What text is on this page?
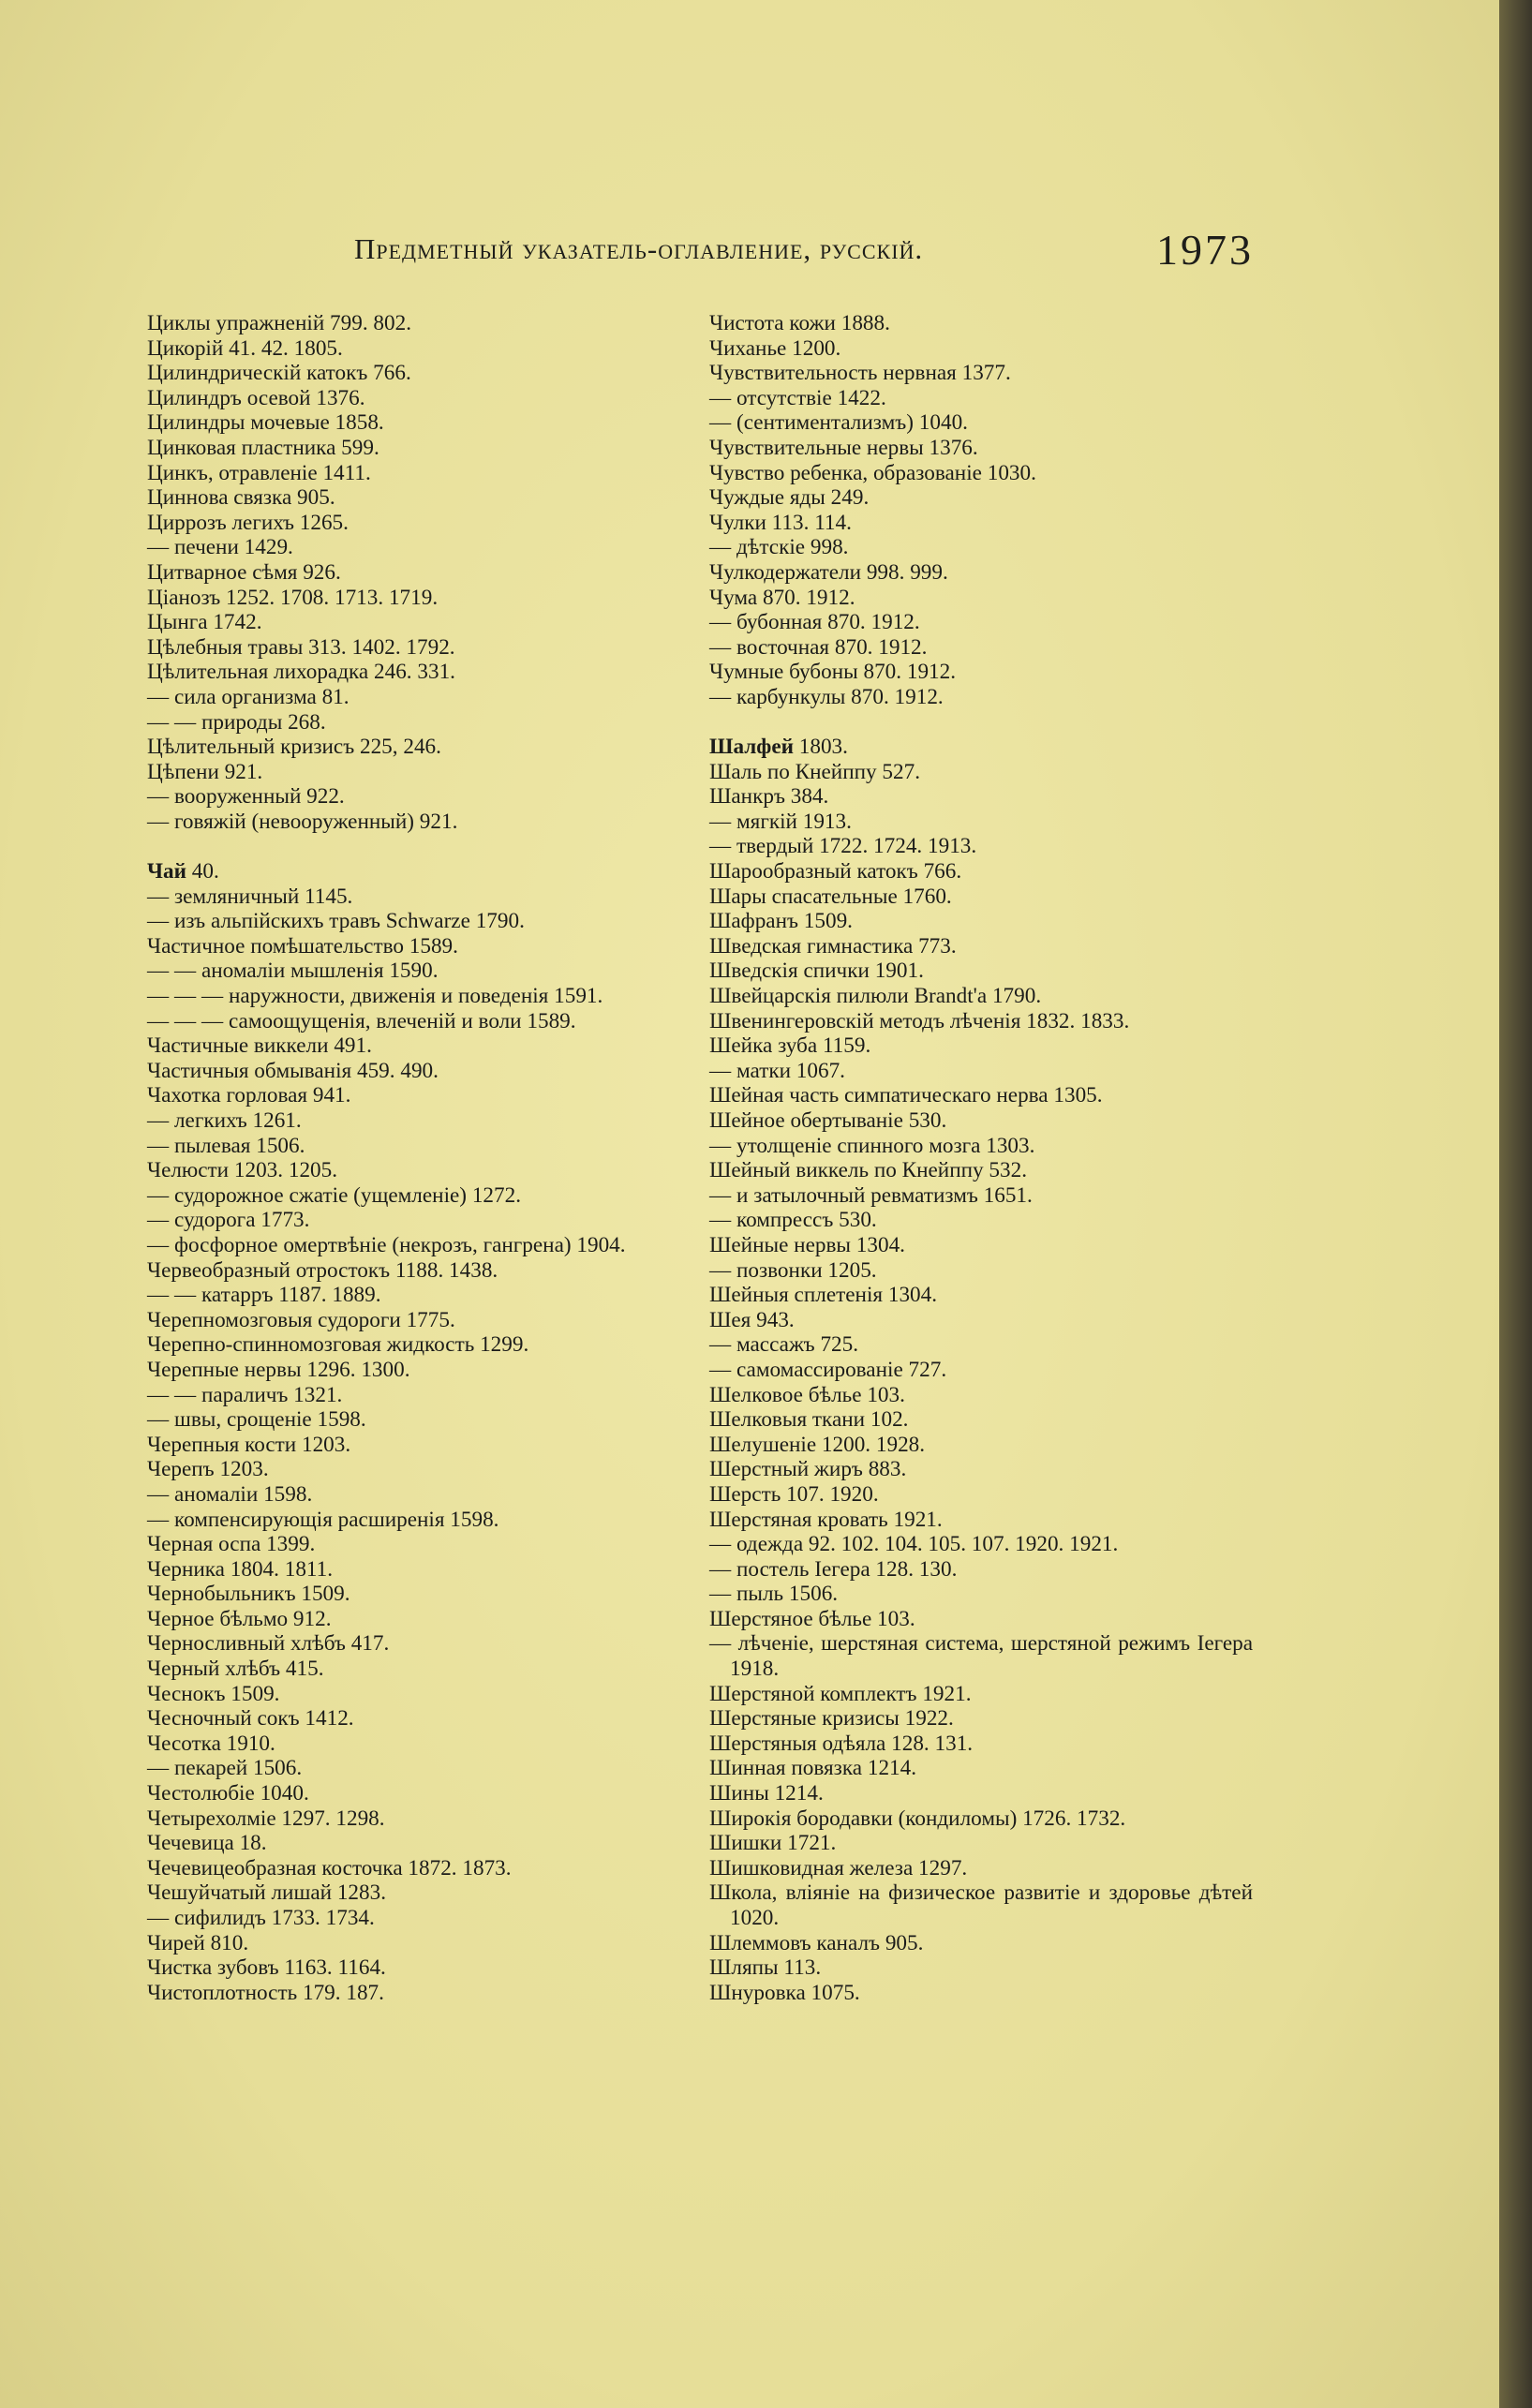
Предметный указатель-оглавление, русскій.	1973

Циклы упражненій 799. 802.

Цикорій 41. 42. 1805.

Цилиндрическій катокъ 766.

Цилиндръ осевой 1376.

Цилиндры мочевые 1858.

Цинковая пластника 599.

Цинкъ, отравленіе 1411.

Циннова связка 905.

Циррозъ легихъ 1265.

— печени 1429.

Цитварное сѣмя 926.

Ціанозъ 1252. 1708. 1713. 1719.

Цынга 1742.

Цѣлебныя травы 313. 1402. 1792.

Цѣлительная лихорадка 246. 331.

— сила организма 81.

— — природы 268.

Цѣлительный кризисъ 225, 246.

Цѣпени 921.

— вооруженный 922.

— говяжій (невооруженный) 921.

Чай 40.

— земляничный 1145.

— изъ альпійскихъ травъ Schwarze 1790.

Частичное помѣшательство 1589.

— — аномаліи мышленія 1590.

— — — наружности, движенія и поведенія 1591.

— — — самоощущенія, влеченій и воли 1589.

Частичные виккели 491.

Частичныя обмыванія 459. 490.

Чахотка горловая 941.

— легкихъ 1261.

— пылевая 1506.

Челюсти 1203. 1205.

— судорожное сжатіе (ущемленіе) 1272.

— судорога 1773.

— фосфорное омертвѣніе (некрозъ, гангрена) 1904.

Червеобразный отростокъ 1188. 1438.

— — катарръ 1187. 1889.

Черепномозговыя судороги 1775.

Черепно-спинномозговая жидкость 1299.

Черепные нервы 1296. 1300.

— — параличъ 1321.

— швы, срощеніе 1598.

Черепныя кости 1203.

Черепъ 1203.

— аномаліи 1598.

— компенсирующія расширенія 1598.

Черная оспа 1399.

Черника 1804. 1811.

Чернобыльникъ 1509.

Черное бѣльмо 912.

Черносливный хлѣбъ 417.

Черный хлѣбъ 415.

Чеснокъ 1509.

Чесночный сокъ 1412.

Чесотка 1910.

— пекарей 1506.

Честолюбіе 1040.

Четырехолміе 1297. 1298.

Чечевица 18.

Чечевицеобразная косточка 1872. 1873.

Чешуйчатый лишай 1283.

— сифилидъ 1733. 1734.

Чирей 810.

Чистка зубовъ 1163. 1164.

Чистоплотность 179. 187.

Чистота кожи 1888.

Чиханье 1200.

Чувствительность нервная 1377.

— отсутствіе 1422.

— (сентиментализмъ) 1040.

Чувствительные нервы 1376.

Чувство ребенка, образованіе 1030.

Чуждые яды 249.

Чулки 113. 114.

— дѣтскіе 998.

Чулкодержатели 998. 999.

Чума 870. 1912.

— бубонная 870. 1912.

— восточная 870. 1912.

Чумные бубоны 870. 1912.

— карбункулы 870. 1912.

Шалфей 1803.

Шаль по Кнейппу 527.

Шанкръ 384.

— мягкій 1913.

— твердый 1722. 1724. 1913.

Шарообразный катокъ 766.

Шары спасательные 1760.

Шафранъ 1509.

Шведская гимнастика 773.

Шведскія спички 1901.

Швейцарскія пилюли Brandt'а 1790.

Швенингеровскій методъ лѣченія 1832. 1833.

Шейка зуба 1159.

— матки 1067.

Шейная часть симпатическаго нерва 1305.

Шейное обертываніе 530.

— утолщеніе спинного мозга 1303.

Шейный виккель по Кнейппу 532.

— и затылочный ревматизмъ 1651.

— компрессъ 530.

Шейные нервы 1304.

— позвонки 1205.

Шейныя сплетенія 1304.

Шея 943.

— массажъ 725.

— самомассированіе 727.

Шелковое бѣлье 103.

Шелковыя ткани 102.

Шелушеніе 1200. 1928.

Шерстный жиръ 883.

Шерсть 107. 1920.

Шерстяная кровать 1921.

— одежда 92. 102. 104. 105. 107. 1920. 1921.

— постель Іегера 128. 130.

— пыль 1506.

Шерстяное бѣлье 103.

— лѣченіе, шерстяная система, шерстяной режимъ Іегера 1918.

Шерстяной комплектъ 1921.

Шерстяные кризисы 1922.

Шерстяныя одѣяла 128. 131.

Шинная повязка 1214.

Шины 1214.

Широкія бородавки (кондиломы) 1726. 1732.

Шишки 1721.

Шишковидная железа 1297.

Школа, вліяніе на физическое развитіе и здоровье дѣтей 1020.

Шлеммовъ каналъ 905.

Шляпы 113.

Шнуровка 1075.
